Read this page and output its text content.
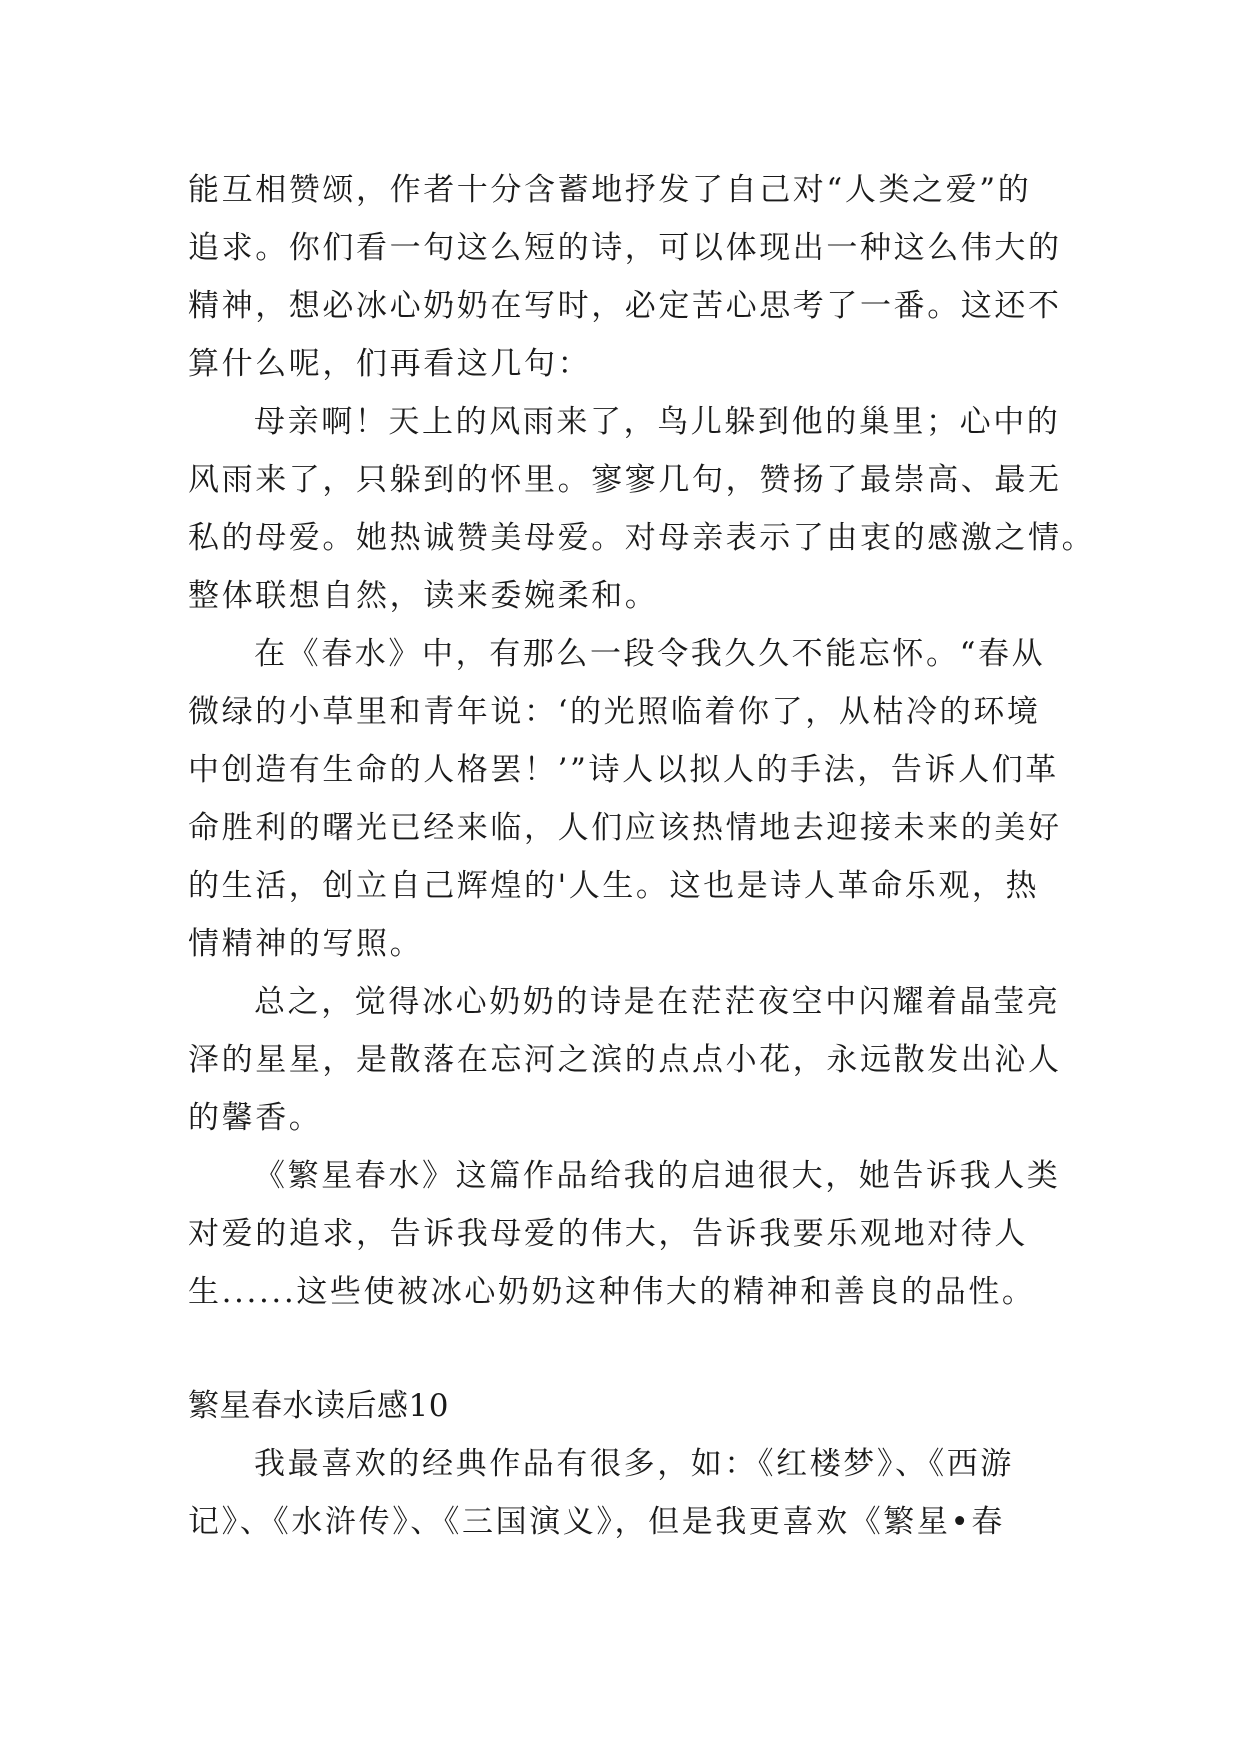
能互相赞颂，作者十分含蓄地抒发了自己对“人类之爱”的
追求。你们看一句这么短的诗，可以体现出一种这么伟大的
精神，想必冰心奶奶在写时，必定苦心思考了一番。这还不
算什么呢，们再看这几句：
母亲啊！天上的风雨来了，鸟儿躲到他的巢里；心中的
风雨来了，只躲到的怀里。寥寥几句，赞扬了最崇高、最无
私的母爱。她热诚赞美母爱。对母亲表示了由衷的感激之情。
整体联想自然，读来委婉柔和。
在《春水》中，有那么一段令我久久不能忘怀。“春从
微绿的小草里和青年说：‘的光照临着你了，从枯冷的环境
中创造有生命的人格罢！’”诗人以拟人的手法，告诉人们革
命胜利的曙光已经来临，人们应该热情地去迎接未来的美好
的生活，创立自己辉煌的'人生。这也是诗人革命乐观，热
情精神的写照。
总之，觉得冰心奶奶的诗是在茫茫夜空中闪耀着晶莹亮
泽的星星，是散落在忘河之滨的点点小花，永远散发出沁人
的馨香。
《繁星春水》这篇作品给我的启迪很大，她告诉我人类
对爱的追求，告诉我母爱的伟大，告诉我要乐观地对待人
生......这些使被冰心奶奶这种伟大的精神和善良的品性。
繁星春水读后感10
我最喜欢的经典作品有很多，如：《红楼梦》、《西游
记》、《水浒传》、《三国演义》，但是我更喜欢《繁星•春
